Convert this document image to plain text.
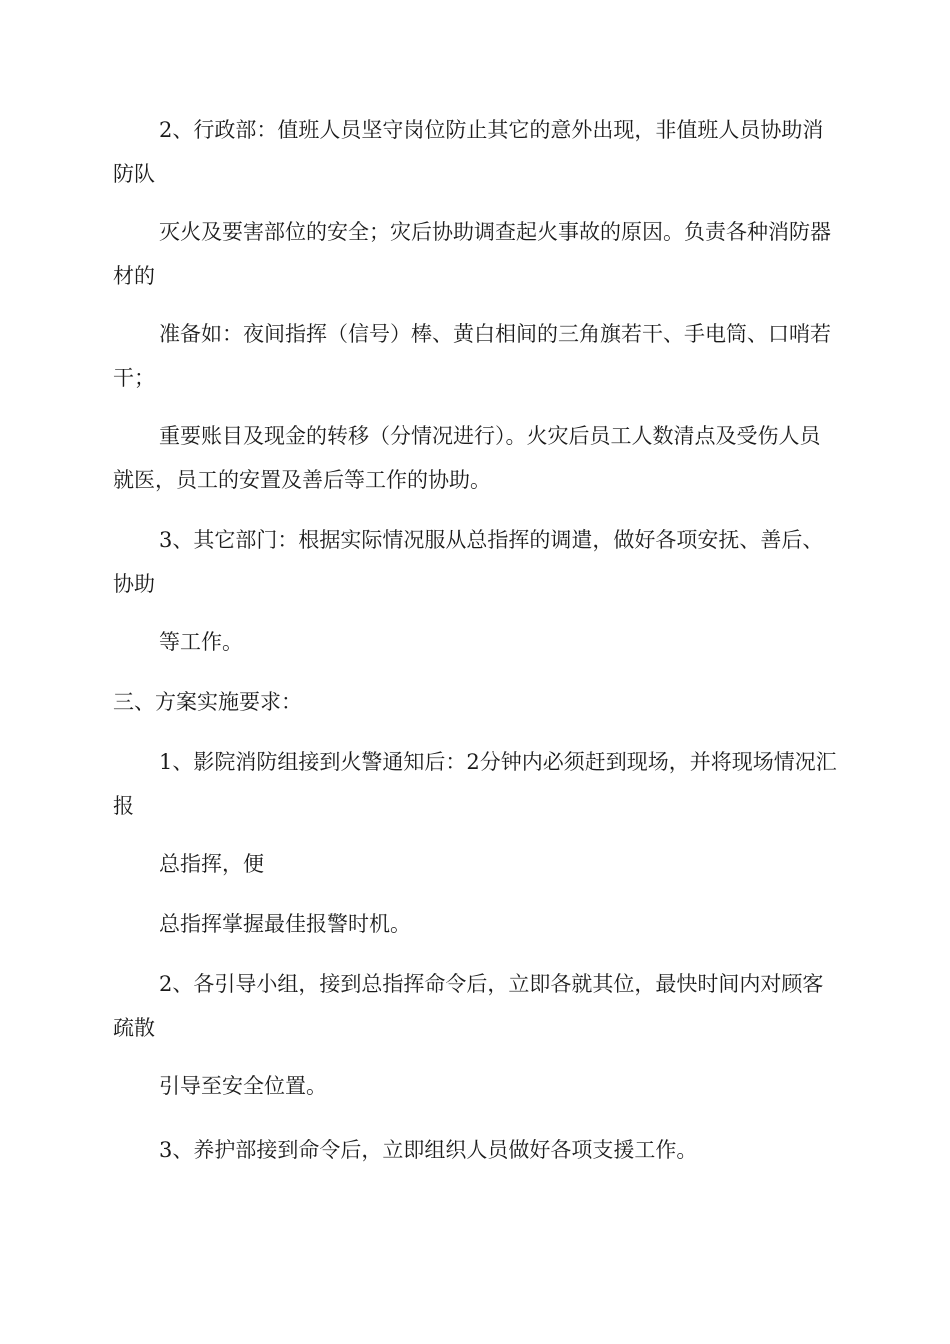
2、行政部：值班人员坚守岗位防止其它的意外出现，非值班人员协助消防队

灭火及要害部位的安全；灾后协助调查起火事故的原因。负责各种消防器材的

准备如：夜间指挥（信号）棒、黄白相间的三角旗若干、手电筒、口哨若干；

重要账目及现金的转移（分情况进行）。火灾后员工人数清点及受伤人员就医，员工的安置及善后等工作的协助。

3、其它部门：根据实际情况服从总指挥的调遣，做好各项安抚、善后、协助

等工作。

三、方案实施要求：

1、影院消防组接到火警通知后：2分钟内必须赶到现场，并将现场情况汇报

总指挥，便

总指挥掌握最佳报警时机。

2、各引导小组，接到总指挥命令后，立即各就其位，最快时间内对顾客疏散

引导至安全位置。

3、养护部接到命令后，立即组织人员做好各项支援工作。
